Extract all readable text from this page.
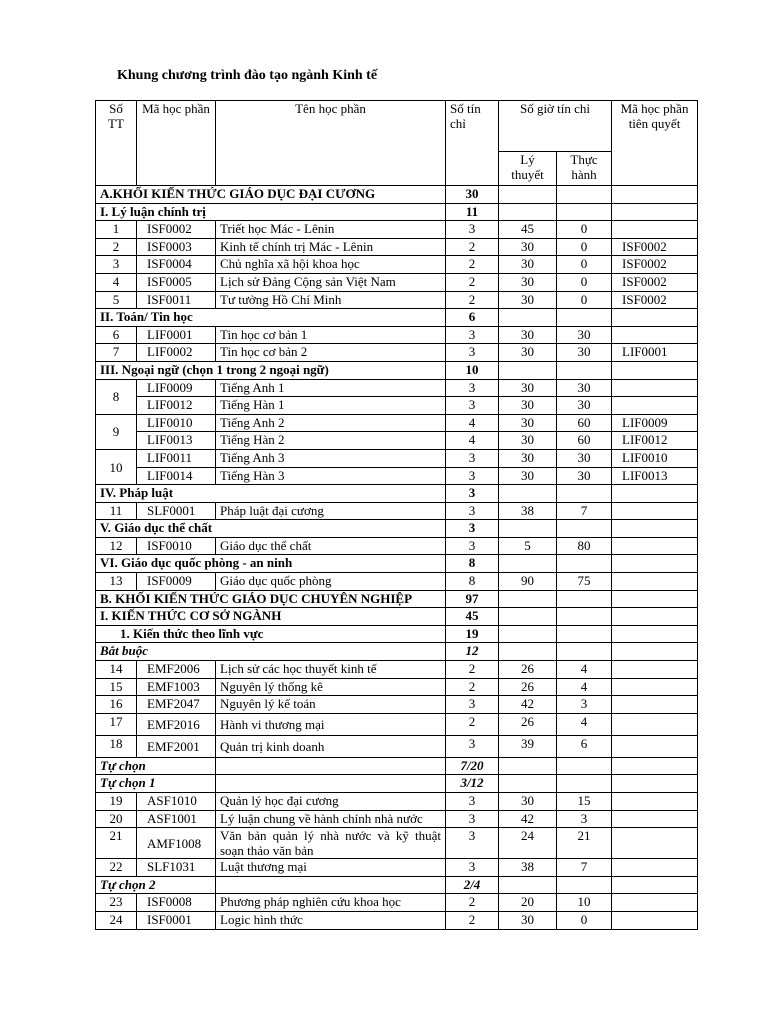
Khung chương trình đào tạo ngành Kinh tế
Số TT	Mã học phần	Tên học phần	Số tín chỉ	Số giờ tín chỉ		Mã học phần tiên quyết
				Lý thuyết	Thực hành	
A.KHỐI KIẾN THỨC GIÁO DỤC ĐẠI CƯƠNG			30			
I. Lý luận chính trị			11			
1	ISF0002	Triết học Mác - Lênin	3	45	0	
2	ISF0003	Kinh tế chính trị Mác - Lênin	2	30	0	ISF0002
3	ISF0004	Chủ nghĩa xã hội khoa học	2	30	0	ISF0002
4	ISF0005	Lịch sử Đảng Cộng sản Việt Nam	2	30	0	ISF0002
5	ISF0011	Tư tưởng Hồ Chí Minh	2	30	0	ISF0002
II. Toán/ Tin học			6			
6	LIF0001	Tin học cơ bản 1	3	30	30	
7	LIF0002	Tin học cơ bản 2	3	30	30	LIF0001
III. Ngoại ngữ (chọn 1 trong 2 ngoại ngữ)			10			
8	LIF0009	Tiếng Anh 1	3	30	30	
	LIF0012	Tiếng Hàn 1	3	30	30	
9	LIF0010	Tiếng Anh 2	4	30	60	LIF0009
	LIF0013	Tiếng Hàn 2	4	30	60	LIF0012
10	LIF0011	Tiếng Anh 3	3	30	30	LIF0010
	LIF0014	Tiếng Hàn 3	3	30	30	LIF0013
IV. Pháp luật			3			
11	SLF0001	Pháp luật đại cương	3	38	7	
V. Giáo dục thể chất			3			
12	ISF0010	Giáo dục thể chất	3	5	80	
VI. Giáo dục quốc phòng - an ninh			8			
13	ISF0009	Giáo dục quốc phòng	8	90	75	
B. KHỐI KIẾN THỨC GIÁO DỤC CHUYÊN NGHIỆP			97			
I. KIẾN THỨC CƠ SỞ NGÀNH			45			
1. Kiến thức theo lĩnh vực			19			
Bắt buộc			12			
14	EMF2006	Lịch sử các học thuyết kinh tế	2	26	4	
15	EMF1003	Nguyên lý thống kê	2	26	4	
16	EMF2047	Nguyên lý kế toán	3	42	3	
17	EMF2016	Hành vi thương mại	2	26	4	
18	EMF2001	Quản trị kinh doanh	3	39	6	
Tự chọn			7/20			
Tự chọn 1			3/12			
19	ASF1010	Quản lý học đại cương	3	30	15	
20	ASF1001	Lý luận chung về hành chính nhà nước	3	42	3	
21	AMF1008	Văn bản quản lý nhà nước và kỹ thuật soạn thảo văn bản	3	24	21	
22	SLF1031	Luật thương mại	3	38	7	
Tự chọn 2			2/4			
23	ISF0008	Phương pháp nghiên cứu khoa học	2	20	10	
24	ISF0001	Logic hình thức	2	30	0	
